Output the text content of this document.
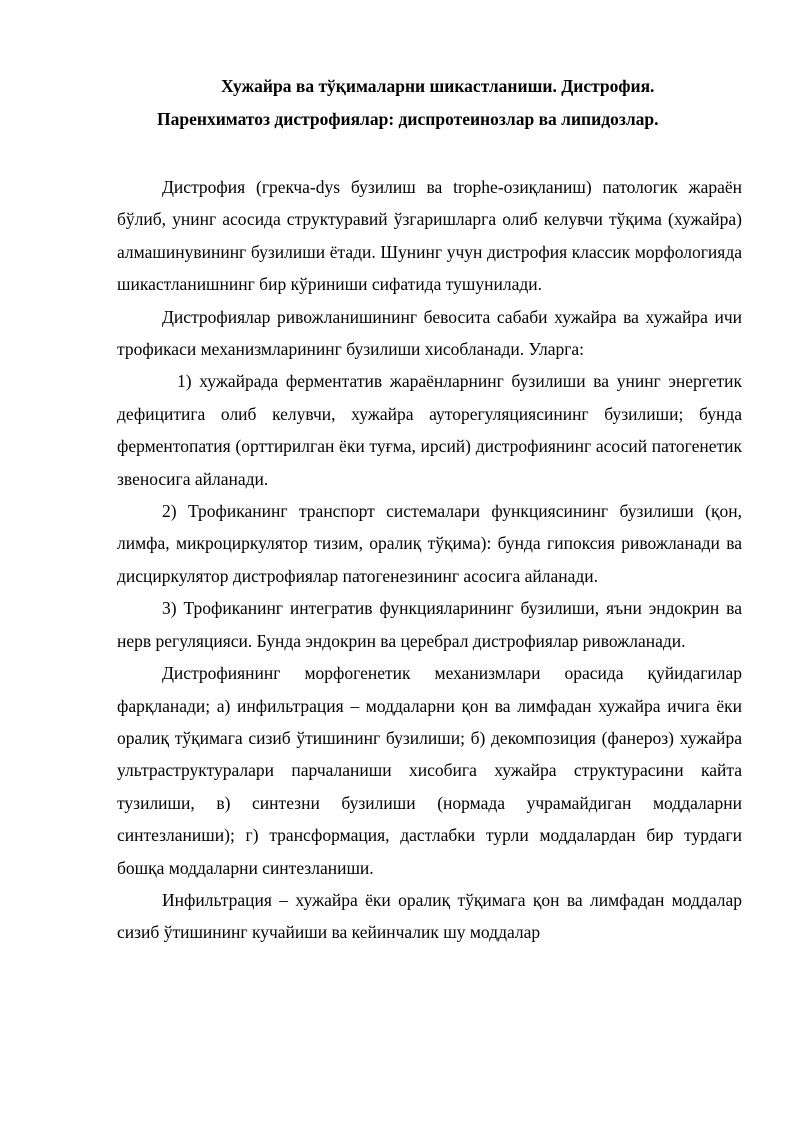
Хужайра ва тўқималарни шикастланиши. Дистрофия.
Паренхиматоз дистрофиялар: диспротеинозлар ва липидозлар.

Дистрофия (грекча-dys бузилиш ва trophe-озиқланиш) патологик жараён бўлиб, унинг асосида структуравий ўзгаришларга олиб келувчи тўқима (хужайра) алмашинувининг бузилиши ётади. Шунинг учун дистрофия классик морфологияда шикастланишнинг бир кўриниши сифатида тушунилади.

Дистрофиялар ривожланишининг бевосита сабаби хужайра ва хужайра ичи трофикаси механизмларининг бузилиши хисобланади. Уларга:

1) хужайрада ферментатив жараёнларнинг бузилиши ва унинг энергетик дефицитига олиб келувчи, хужайра ауторегуляциясининг бузилиши; бунда ферментопатия (орттирилган ёки туғма, ирсий) дистрофиянинг асосий патогенетик звеносига айланади.

2) Трофиканинг транспорт системалари функциясининг бузилиши (қон, лимфа, микроциркулятор тизим, оралиқ тўқима): бунда гипоксия ривожланади ва дисциркулятор дистрофиялар патогенезининг асосига айланади.

3) Трофиканинг интегратив функцияларининг бузилиши, яъни эндокрин ва нерв регуляцияси. Бунда эндокрин ва церебрал дистрофиялар ривожланади.

Дистрофиянинг морфогенетик механизмлари орасида қуйидагилар фарқланади; а) инфильтрация – моддаларни қон ва лимфадан хужайра ичига ёки оралиқ тўқимага сизиб ўтишининг бузилиши; б) декомпозиция (фанероз) хужайра ультраструктуралари парчаланиши хисобига хужайра структурасини кайта тузилиши, в) синтезни бузилиши (нормада учрамайдиган моддаларни синтезланиши); г) трансформация, дастлабки турли моддалардан бир турдаги бошқа моддаларни синтезланиши.

Инфильтрация – хужайра ёки оралиқ тўқимага қон ва лимфадан моддалар сизиб ўтишининг кучайиши ва кейинчалик шу моддалар
